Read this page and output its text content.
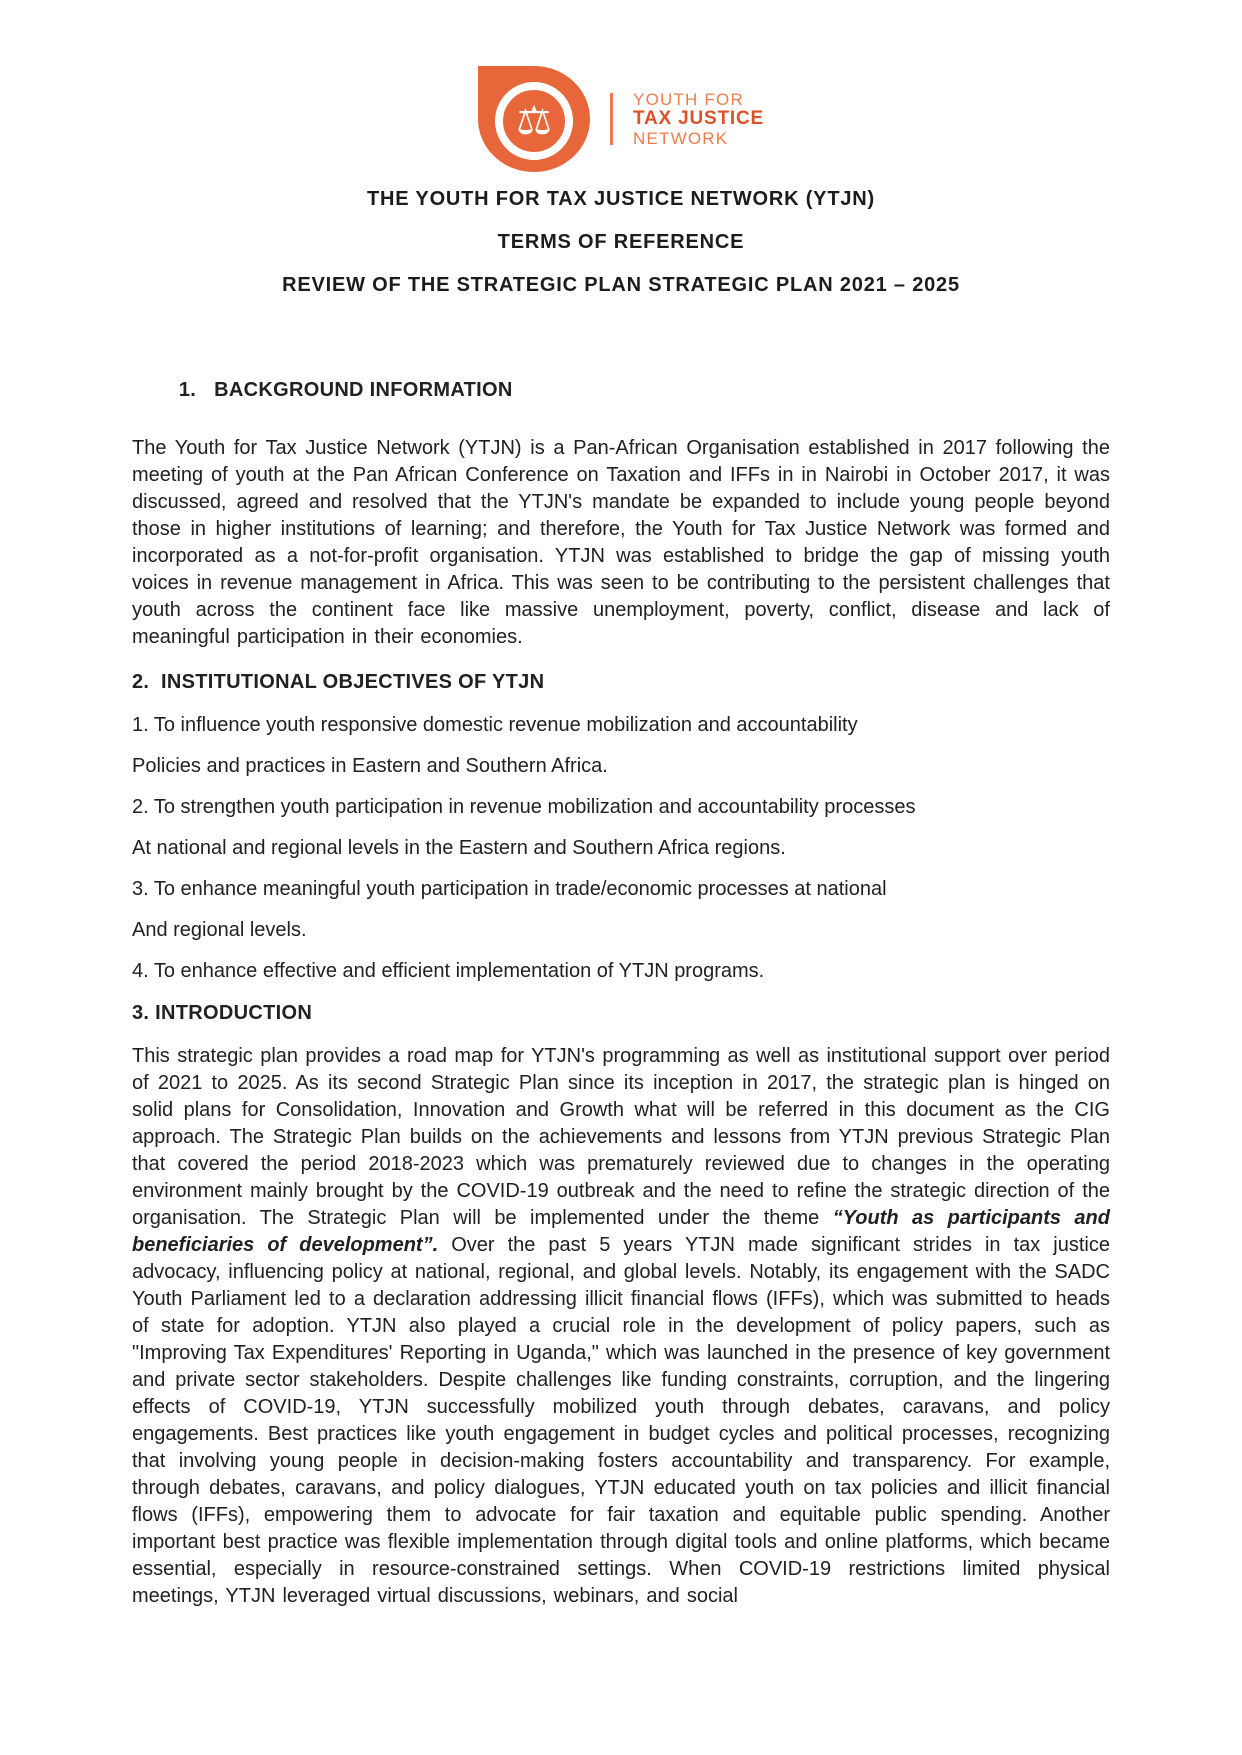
⚖	YOUTH FOR
TAX JUSTICE
NETWORK
THE YOUTH FOR TAX JUSTICE NETWORK (YTJN)
TERMS OF REFERENCE
REVIEW OF THE STRATEGIC PLAN STRATEGIC PLAN 2021 – 2025

1. BACKGROUND INFORMATION

The Youth for Tax Justice Network (YTJN) is a Pan-African Organisation established in 2017 following the meeting of youth at the Pan African Conference on Taxation and IFFs in in Nairobi in October 2017, it was discussed, agreed and resolved that the YTJN's mandate be expanded to include young people beyond those in higher institutions of learning; and therefore, the Youth for Tax Justice Network was formed and incorporated as a not-for-profit organisation. YTJN was established to bridge the gap of missing youth voices in revenue management in Africa. This was seen to be contributing to the persistent challenges that youth across the continent face like massive unemployment, poverty, conflict, disease and lack of meaningful participation in their economies.

2.  INSTITUTIONAL OBJECTIVES OF YTJN

1. To influence youth responsive domestic revenue mobilization and accountability

Policies and practices in Eastern and Southern Africa.

2. To strengthen youth participation in revenue mobilization and accountability processes

At national and regional levels in the Eastern and Southern Africa regions.

3. To enhance meaningful youth participation in trade/economic processes at national

And regional levels.

4. To enhance effective and efficient implementation of YTJN programs.

3. INTRODUCTION

This strategic plan provides a road map for YTJN's programming as well as institutional support over period of 2021 to 2025. As its second Strategic Plan since its inception in 2017, the strategic plan is hinged on solid plans for Consolidation, Innovation and Growth what will be referred in this document as the CIG approach. The Strategic Plan builds on the achievements and lessons from YTJN previous Strategic Plan that covered the period 2018-2023 which was prematurely reviewed due to changes in the operating environment mainly brought by the COVID-19 outbreak and the need to refine the strategic direction of the organisation. The Strategic Plan will be implemented under the theme “Youth as participants and beneficiaries of development”. Over the past 5 years YTJN made significant strides in tax justice advocacy, influencing policy at national, regional, and global levels. Notably, its engagement with the SADC Youth Parliament led to a declaration addressing illicit financial flows (IFFs), which was submitted to heads of state for adoption. YTJN also played a crucial role in the development of policy papers, such as "Improving Tax Expenditures' Reporting in Uganda," which was launched in the presence of key government and private sector stakeholders. Despite challenges like funding constraints, corruption, and the lingering effects of COVID-19, YTJN successfully mobilized youth through debates, caravans, and policy engagements. Best practices like youth engagement in budget cycles and political processes, recognizing that involving young people in decision-making fosters accountability and transparency. For example, through debates, caravans, and policy dialogues, YTJN educated youth on tax policies and illicit financial flows (IFFs), empowering them to advocate for fair taxation and equitable public spending. Another important best practice was flexible implementation through digital tools and online platforms, which became essential, especially in resource-constrained settings. When COVID-19 restrictions limited physical meetings, YTJN leveraged virtual discussions, webinars, and social
